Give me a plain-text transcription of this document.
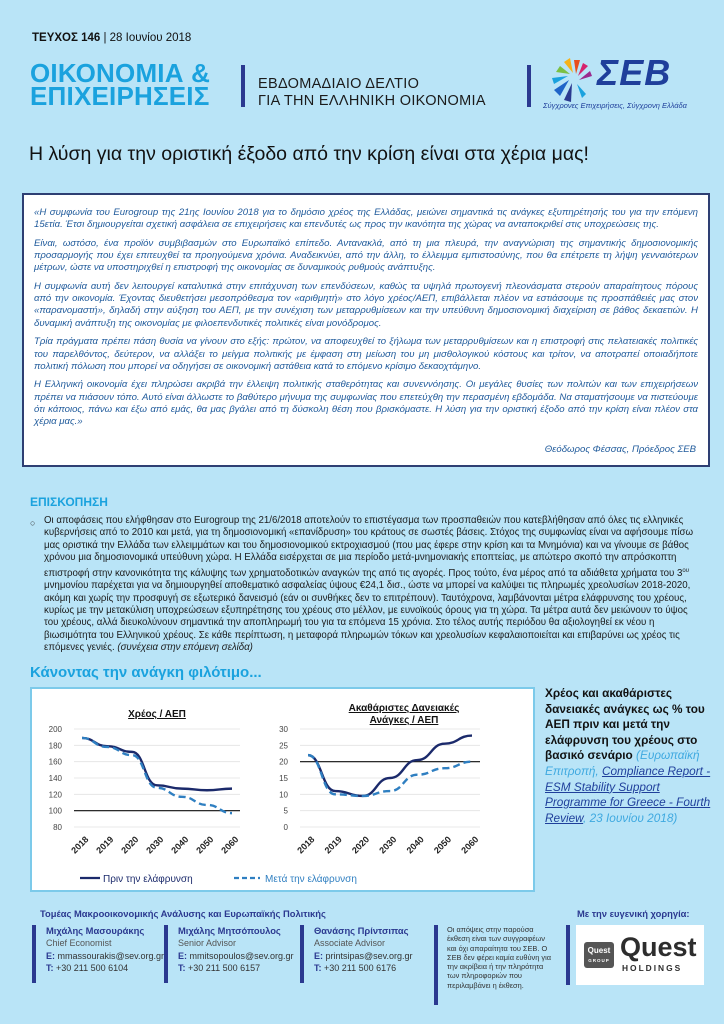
ΤΕΥΧΟΣ 146 | 28 Ιουνίου 2018
ΟΙΚΟΝΟΜΙΑ &
ΕΠΙΧΕΙΡΗΣΕΙΣ	ΕΒΔΟΜΑΔΙΑΙΟ ΔΕΛΤΙΟ
ΓΙΑ ΤΗΝ ΕΛΛΗΝΙΚΗ ΟΙΚΟΝΟΜΙΑ
ΣΕΒ
Σύγχρονες Επιχειρήσεις, Σύγχρονη Ελλάδα
Η λύση για την οριστική έξοδο από την κρίση είναι στα χέρια μας!

«Η συμφωνία του Eurogroup της 21ης Ιουνίου 2018 για το δημόσιο χρέος της Ελλάδας, μειώνει σημαντικά τις ανάγκες εξυπηρέτησής του για την επόμενη 15ετία. Έτσι δημιουργείται σχετική ασφάλεια σε επιχειρήσεις και επενδυτές ως προς την ικανότητα της χώρας να ανταποκριθεί στις υποχρεώσεις της.

Είναι, ωστόσο, ένα προϊόν συμβιβασμών στο Ευρωπαϊκό επίπεδο. Αντανακλά, από τη μια πλευρά, την αναγνώριση της σημαντικής δημοσιονομικής προσαρμογής που έχει επιτευχθεί τα προηγούμενα χρόνια. Αναδεικνύει, από την άλλη, το έλλειμμα εμπιστοσύνης, που θα επέτρεπε τη λήψη γενναιότερων μέτρων, ώστε να υποστηριχθεί η επιστροφή της οικονομίας σε δυναμικούς ρυθμούς ανάπτυξης.

Η συμφωνία αυτή δεν λειτουργεί καταλυτικά στην επιτάχυνση των επενδύσεων, καθώς τα υψηλά πρωτογενή πλεονάσματα στερούν απαραίτητους πόρους από την οικονομία. Έχοντας διευθετήσει μεσοπρόθεσμα τον «αριθμητή» στο λόγο χρέος/ΑΕΠ, επιβάλλεται πλέον να εστιάσουμε τις προσπάθειές μας στον «παρανομαστή», δηλαδή στην αύξηση του ΑΕΠ, με την συνέχιση των μεταρρυθμίσεων και την υπεύθυνη δημοσιονομική διαχείριση σε βάθος δεκαετιών. Η δυναμική ανάπτυξη της οικονομίας με φιλοεπενδυτικές πολιτικές είναι μονόδρομος.

Τρία πράγματα πρέπει πάση θυσία να γίνουν στο εξής: πρώτον, να αποφευχθεί το ξήλωμα των μεταρρυθμίσεων και η επιστροφή στις πελατειακές πολιτικές του παρελθόντος, δεύτερον, να αλλάξει το μείγμα πολιτικής με έμφαση στη μείωση του μη μισθολογικού κόστους και τρίτον, να αποτραπεί οποιαδήποτε πολιτική πόλωση που μπορεί να οδηγήσει σε οικονομική αστάθεια κατά το επόμενο κρίσιμο δεκαοχτάμηνο.

Η Ελληνική οικονομία έχει πληρώσει ακριβά την έλλειψη πολιτικής σταθερότητας και συνεννόησης. Οι μεγάλες θυσίες των πολιτών και των επιχειρήσεων πρέπει να πιάσουν τόπο. Αυτό είναι άλλωστε το βαθύτερο μήνυμα της συμφωνίας που επετεύχθη την περασμένη εβδομάδα. Να σταματήσουμε να πιστεύουμε ότι κάποιος, πάνω και έξω από εμάς, θα μας βγάλει από τη δύσκολη θέση που βρισκόμαστε. Η λύση για την οριστική έξοδο από την κρίση είναι πλέον στα χέρια μας.»

Θεόδωρος Φέσσας, Πρόεδρος ΣΕΒ
ΕΠΙΣΚΟΠΗΣΗ
○ Οι αποφάσεις που ελήφθησαν στο Eurogroup της 21/6/2018 αποτελούν το επιστέγασμα των προσπαθειών που κατεβλήθησαν από όλες τις ελληνικές κυβερνήσεις από το 2010 και μετά, για τη δημοσιονομική «επανίδρυση» του κράτους σε σωστές βάσεις. Στόχος της συμφωνίας είναι να αφήσουμε πίσω μας οριστικά την Ελλάδα των ελλειμμάτων και του δημοσιονομικού εκτροχιασμού (που μας έφερε στην κρίση και τα Μνημόνια) και να γίνουμε σε βάθος χρόνου μια δημοσιονομικά υπεύθυνη χώρα. Η Ελλάδα εισέρχεται σε μια περίοδο μετά-μνημονιακής εποπτείας, με απώτερο σκοπό την απρόσκοπτη επιστροφή στην κανονικότητα της κάλυψης των χρηματοδοτικών αναγκών της από τις αγορές. Προς τούτο, ένα μέρος από τα αδιάθετα χρήματα του $3^{o\upsilon}$ μνημονίου παρέχεται για να δημιουργηθεί αποθεματικό ασφαλείας ύψους €24,1 δισ., ώστε να μπορεί να καλύψει τις πληρωμές χρεολυσίων 2018-2020, ακόμη και χωρίς την προσφυγή σε εξωτερικό δανεισμό (εάν οι συνθήκες δεν το επιτρέπουν). Ταυτόχρονα, λαμβάνονται μέτρα ελάφρυνσης του χρέους, κυρίως με την μετακύλιση υποχρεώσεων εξυπηρέτησης του χρέους στο μέλλον, με ευνοϊκούς όρους για τη χώρα. Τα μέτρα αυτά δεν μειώνουν το ύψος του χρέους, αλλά διευκολύνουν σημαντικά την αποπληρωμή του για τα επόμενα 15 χρόνια. Στο τέλος αυτής περιόδου θα αξιολογηθεί εκ νέου η βιωσιμότητα του Ελληνικού χρέους. Σε κάθε περίπτωση, η μεταφορά πληρωμών τόκων και χρεολυσίων κεφαλαιοποιείται και επιβαρύνει ως χρέος τις επόμενες γενιές. (συνέχεια στην επόμενη σελίδα)

Κάνοντας την ανάγκη φιλότιμο...
Χρέος / ΑΕΠ
80
100
120
140
160
180
200
2018 2019 2020 2030 2040 2050 2060
Ακαθάριστες Δανειακές
Ανάγκες / ΑΕΠ
0
5
10
15
20
25
30
2018 2019 2020 2030 2040 2050 2060
Πριν την ελάφρυνση	Μετά την ελάφρυνση
Χρέος και ακαθάριστες δανειακές ανάγκες ως % του ΑΕΠ πριν και μετά την ελάφρυνση του χρέους στο βασικό σενάριο (Ευρωπαϊκή Επιτροπή, Compliance Report - ESM Stability Support Programme for Greece - Fourth Review, 23 Ιουνίου 2018)
Τομέας Μακροοικονομικής Ανάλυσης και Ευρωπαϊκής Πολιτικής
Μιχάλης Μασουράκης
Chief Economist
E: mmassourakis@sev.org.gr
T: +30 211 500 6104
Μιχάλης Μητσόπουλος
Senior Advisor
E: mmitsopoulos@sev.org.gr
T: +30 211 500 6157
Θανάσης Πρίντσιπας
Associate Advisor
E: printsipas@sev.org.gr
T: +30 211 500 6176
Οι απόψεις στην παρούσα έκθεση είναι των συγγραφέων και όχι απαραίτητα του ΣΕΒ. Ο ΣΕΒ δεν φέρει καμία ευθύνη για την ακρίβεια ή την πληρότητα των πληροφοριών που περιλαμβάνει η έκθεση.
Με την ευγενική χορηγία:
Quest
GROUP Quest
HOLDINGS
